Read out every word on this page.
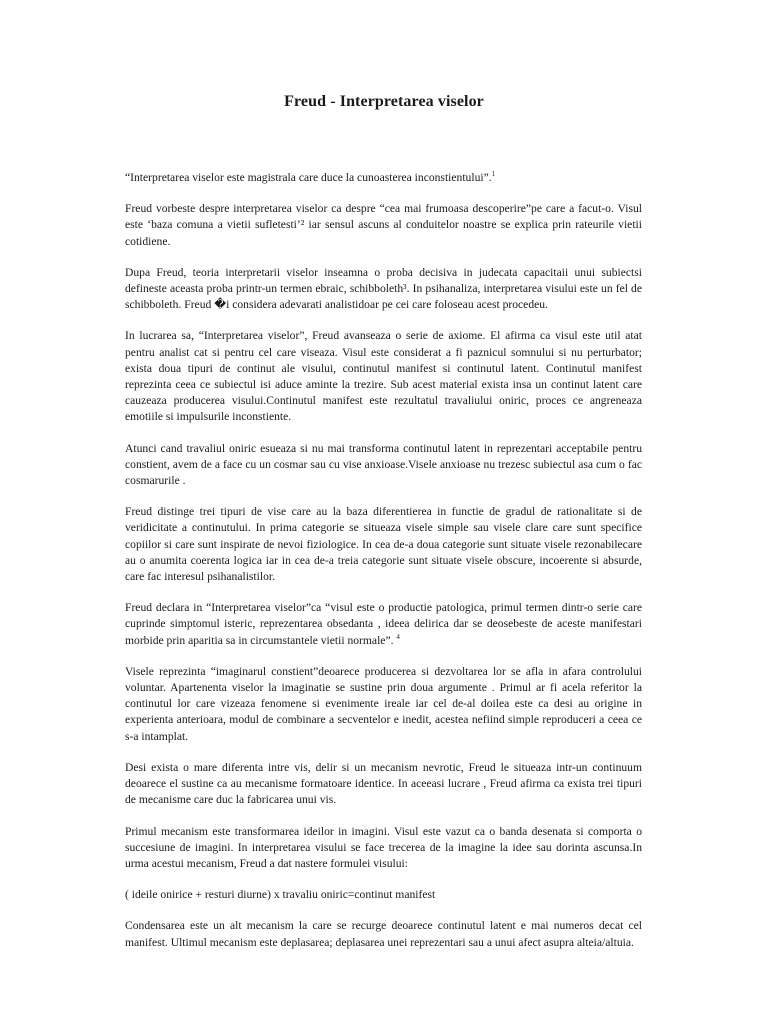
Freud - Interpretarea viselor

“Interpretarea viselor este magistrala care duce la cunoasterea inconstientului”.$^1$

Freud vorbeste despre interpretarea viselor ca despre “cea mai frumoasa descoperire”pe care a facut-o. Visul este ‘baza comuna a vietii sufletesti’² iar sensul ascuns al conduitelor noastre se explica prin rateurile vietii cotidiene.

Dupa Freud, teoria interpretarii viselor inseamna o proba decisiva in judecata capacitaii unui subiectsi defineste aceasta proba printr-un termen ebraic, schibboleth³. In psihanaliza, interpretarea visului este un fel de schibboleth. Freud �i considera adevarati analistidoar pe cei care foloseau acest procedeu.

In lucrarea sa, “Interpretarea viselor”, Freud avanseaza o serie de axiome. El afirma ca visul este util atat pentru analist cat si pentru cel care viseaza. Visul este considerat a fi paznicul somnului si nu perturbator; exista doua tipuri de continut ale visului, continutul manifest si continutul latent. Continutul manifest reprezinta ceea ce subiectul isi aduce aminte la trezire. Sub acest material exista insa un continut latent care cauzeaza producerea visului.Continutul manifest este rezultatul travaliului oniric, proces ce angreneaza emotiile si impulsurile inconstiente.

Atunci cand travaliul oniric esueaza si nu mai transforma continutul latent in reprezentari acceptabile pentru constient, avem de a face cu un cosmar sau cu vise anxioase.Visele anxioase nu trezesc subiectul asa cum o fac cosmarurile .

Freud distinge trei tipuri de vise care au la baza diferentierea in functie de gradul de rationalitate si de veridicitate a continutului. In prima categorie se situeaza visele simple sau visele clare care sunt specifice copiilor si care sunt inspirate de nevoi fiziologice. In cea de-a doua categorie sunt situate visele rezonabilecare au o anumita coerenta logica iar in cea de-a treia categorie sunt situate visele obscure, incoerente si absurde, care fac interesul psihanalistilor.

Freud declara in “Interpretarea viselor”ca “visul este o productie patologica, primul termen dintr-o serie care cuprinde simptomul isteric, reprezentarea obsedanta , ideea delirica dar se deosebeste de aceste manifestari morbide prin aparitia sa in circumstantele vietii normale”. $^4$

Visele reprezinta “imaginarul constient”deoarece producerea si dezvoltarea lor se afla in afara controlului voluntar. Apartenenta viselor la imaginatie se sustine prin doua argumente . Primul ar fi acela referitor la continutul lor care vizeaza fenomene si evenimente ireale iar cel de-al doilea este ca desi au origine in experienta anterioara, modul de combinare a secventelor e inedit, acestea nefiind simple reproduceri a ceea ce s-a intamplat.

Desi exista o mare diferenta intre vis, delir si un mecanism nevrotic, Freud le situeaza intr-un continuum deoarece el sustine ca au mecanisme formatoare identice. In aceeasi lucrare , Freud afirma ca exista trei tipuri de mecanisme care duc la fabricarea unui vis.

Primul mecanism este transformarea ideilor in imagini. Visul este vazut ca o banda desenata si comporta o succesiune de imagini. In interpretarea visului se face trecerea de la imagine la idee sau dorinta ascunsa.In urma acestui mecanism, Freud a dat nastere formulei visului:

( ideile onirice + resturi diurne) x travaliu oniric=continut manifest

Condensarea este un alt mecanism la care se recurge deoarece continutul latent e mai numeros decat cel manifest. Ultimul mecanism este deplasarea; deplasarea unei reprezentari sau a unui afect asupra alteia/altuia.
